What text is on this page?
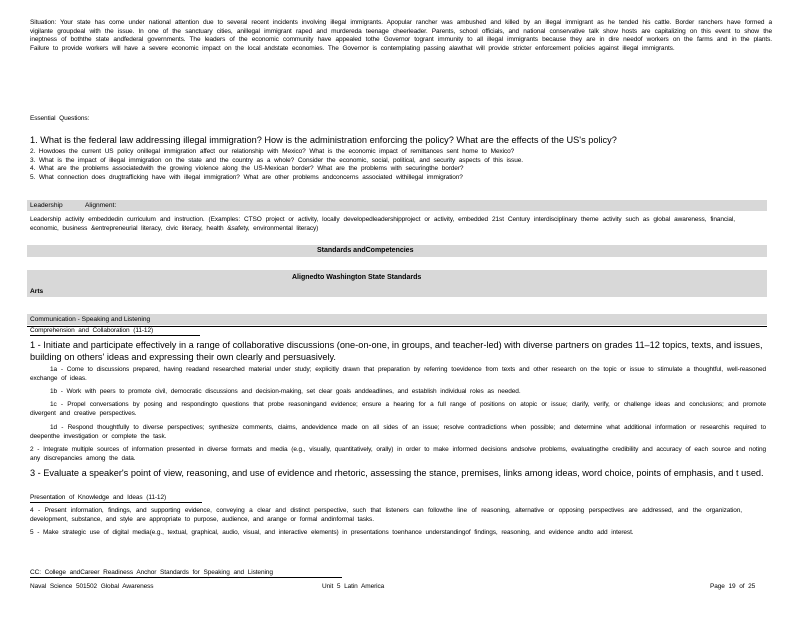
Situation: Your state has come under national attention due to several recent incidents involving illegal immigrants. Apopular rancher was ambushed and killed by an illegal immigrant as he tended his cattle. Border ranchers have formed a vigilante groupdeal with the issue. In one of the sanctuary cities, anillegal immigrant raped and murdereda teenage cheerleader. Parents, school officials, and national conservative talk show hosts are capitalizing on this event to show the ineptness of boththe state andfederal governments. The leaders of the economic community have appealed tothe Governor togrant immunity to all illegal immigrants because they are in dire needof workers on the farms and in the plants. Failure to provide workers will have a severe economic impact on the local andstate economies. The Governor is contemplating passing alawthat will provide stricter enforcement policies against illegal immigrants.
Essential Questions:
1. What is the federal law addressing illegal immigration? How is the administration enforcing the policy? What are the effects of the US's policy?
2. Howdoes the current US policy onillegal immigration affect our relationship with Mexico? What is the economic impact of remittances sent home to Mexico?
3. What is the impact of illegal immigration on the state and the country as a whole? Consider the economic, social, political, and security aspects of this issue.
4. What are the problems associatedwith the growing violence along the US-Mexican border? What are the problems with securingthe border?
5. What connection does drugtrafficking have with illegal immigration? What are other problems andconcerns associated withillegal immigration?
Leadership	Alignment:
Leadership activity embeddedin curriculum and instruction. (Examples: CTSO project or activity, locally developedleadershipproject or activity, embedded 21st Century interdisciplinary theme activity such as global awareness, financial, economic, business &entrepreneurial literacy, civic literacy, health &safety, environmental literacy)
Standards andCompetencies
Alignedto Washington State Standards
Arts
Communication - Speaking and Listening
Comprehension and Collaboration (11-12)
1 - Initiate and participate effectively in a range of collaborative discussions (one-on-one, in groups, and teacher-led) with diverse partners on grades 11–12 topics, texts, and issues, building on others' ideas and expressing their own clearly and persuasively.
1a - Come to discussions prepared, having readand researched material under study; explicitly drawn that preparation by referring toevidence from texts and other research on the topic or issue to stimulate a thoughtful, well-reasoned exchange of ideas.
1b - Work with peers to promote civil, democratic discussions and decision-making, set clear goals anddeadlines, and establish individual roles as needed.
1c - Propel conversations by posing and respondingto questions that probe reasoningand evidence; ensure a hearing for a full range of positions on atopic or issue; clarify, verify, or challenge ideas and conclusions; and promote divergent and creative perspectives.
1d - Respond thoughtfully to diverse perspectives; synthesize comments, claims, andevidence made on all sides of an issue; resolve contradictions when possible; and determine what additional information or researchis required to deepenthe investigation or complete the task.
2 - Integrate multiple sources of information presented in diverse formats and media (e.g., visually, quantitatively, orally) in order to make informed decisions andsolve problems, evaluatingthe credibility and accuracy of each source and noting any discrepancies among the data.
3 - Evaluate a speaker's point of view, reasoning, and use of evidence and rhetoric, assessing the stance, premises, links among ideas, word choice, points of emphasis, and t used.
Presentation of Knowledge and Ideas (11-12)
4 - Present information, findings, and supporting evidence, conveying a clear and distinct perspective, such that listeners can followthe line of reasoning, alternative or opposing perspectives are addressed, and the organization, development, substance, and style are appropriate to purpose, audience, and arange or formal andinformal tasks.
5 - Make strategic use of digital media(e.g., textual, graphical, audio, visual, and interactive elements) in presentations toenhance understandingof findings, reasoning, and evidence andto add interest.
CC: College andCareer Readiness Anchor Standards for Speaking and Listening
Naval Science 501502 Global Awareness	Unit 5 Latin America	Page 19 of 25
